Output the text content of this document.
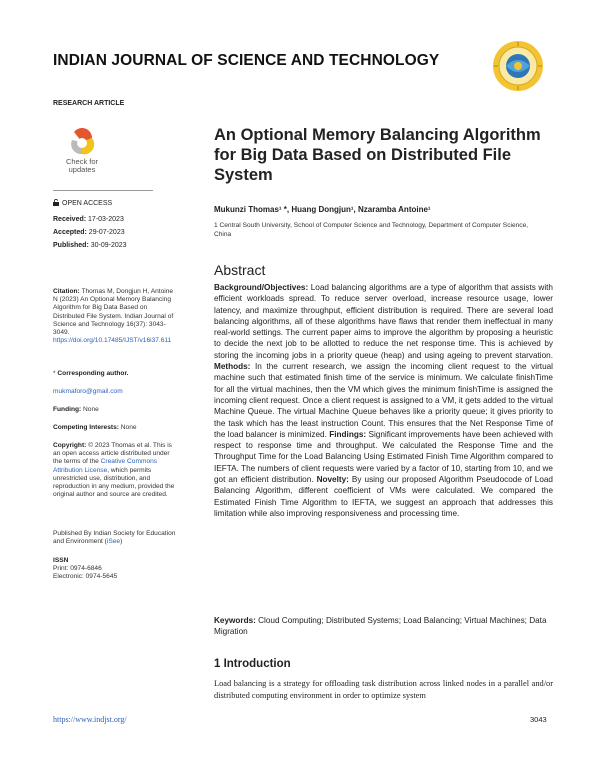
INDIAN JOURNAL OF SCIENCE AND TECHNOLOGY
RESEARCH ARTICLE
Check for updates
An Optional Memory Balancing Algorithm for Big Data Based on Distributed File System
OPEN ACCESS
Received: 17-03-2023
Accepted: 29-07-2023
Published: 30-09-2023
Mukunzi Thomas¹ *, Huang Dongjun¹, Nzaramba Antoine¹
1 Central South University, School of Computer Science and Technology, Department of Computer Science, China
Citation: Thomas M, Dongjun H, Antoine N (2023) An Optional Memory Balancing Algorithm for Big Data Based on Distributed File System. Indian Journal of Science and Technology 16(37): 3043-3049.
https://doi.org/10.17485/IJST/v16i37.611
* Corresponding author.
mukmaforo@gmail.com
Funding: None
Competing Interests: None
Copyright: © 2023 Thomas et al. This is an open access article distributed under the terms of the Creative Commons Attribution License, which permits unrestricted use, distribution, and reproduction in any medium, provided the original author and source are credited.
Published By Indian Society for Education and Environment (iSee)
ISSN
Print: 0974-6846
Electronic: 0974-5645
Abstract
Background/Objectives: Load balancing algorithms are a type of algorithm that assists with efficient workloads spread. To reduce server overload, increase resource usage, lower latency, and maximize throughput, efficient distribution is required. There are several load balancing algorithms, all of these algorithms have flaws that render them ineffectual in many real-world settings. The current paper aims to improve the algorithm by proposing a heuristic to decide the next job to be allotted to reduce the net response time. This is achieved by storing the incoming jobs in a priority queue (heap) and using ageing to prevent starvation. Methods: In the current research, we assign the incoming client request to the virtual machine such that estimated finish time of the service is minimum. We calculate finishTime for all the virtual machines, then the VM which gives the minimum finishTime is assigned the incoming client request. Once a client request is assigned to a VM, it gets added to the virtual Machine Queue. The virtual Machine Queue behaves like a priority queue; it gives priority to the task which has the least instruction Count. This ensures that the Net Response Time of the load balancer is minimized. Findings: Significant improvements have been achieved with respect to response time and throughput. We calculated the Response Time and the Throughput Time for the Load Balancing Using Estimated Finish Time Algorithm compared to IEFTA. The numbers of client requests were varied by a factor of 10, starting from 10, and we got an efficient distribution. Novelty: By using our proposed Algorithm Pseudocode of Load Balancing Algorithm, different coefficient of VMs were calculated. We compared the Estimated Finish Time Algorithm to IEFTA, we suggest an approach that addresses this limitation while also improving responsiveness and processing time.
Keywords: Cloud Computing; Distributed Systems; Load Balancing; Virtual Machines; Data Migration
1 Introduction
Load balancing is a strategy for offloading task distribution across linked nodes in a parallel and/or distributed computing environment in order to optimize system
https://www.indjst.org/	3043
